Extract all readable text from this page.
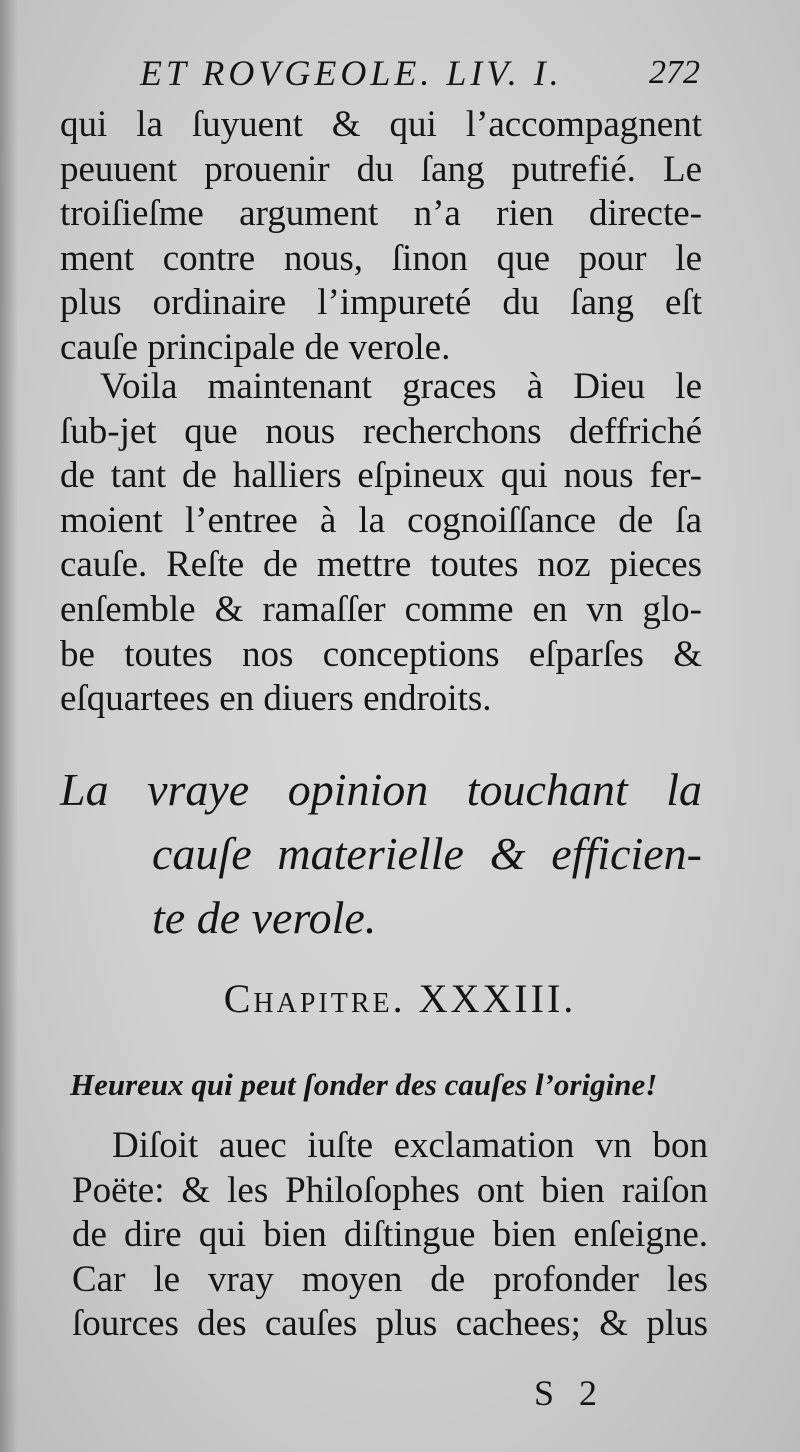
ET ROVGEOLE. LIV. I.	272
qui la ſuyuent & qui l’accompagnent
peuuent prouenir du ſang putrefié. Le
troiſieſme argument n’a rien directe-
ment contre nous, ſinon que pour le
plus ordinaire l’impureté du ſang eſt
cauſe principale de verole.
Voila maintenant graces à Dieu le
ſub-jet que nous recherchons deffriché
de tant de halliers eſpineux qui nous fer-
moient l’entree à la cognoiſſance de ſa
cauſe. Reſte de mettre toutes noz pieces
enſemble & ramaſſer comme en vn glo-
be toutes nos conceptions eſparſes &
eſquartees en diuers endroits.
La vraye opinion touchant la
cauſe materielle & efficien-
te de verole.
Chapitre. XXXIII.
Heureux qui peut ſonder des cauſes l’origine!
Diſoit auec iuſte exclamation vn bon
Poëte: & les Philoſophes ont bien raiſon
de dire qui bien diſtingue bien enſeigne.
Car le vray moyen de profonder les
ſources des cauſes plus cachees; & plus
S 2
